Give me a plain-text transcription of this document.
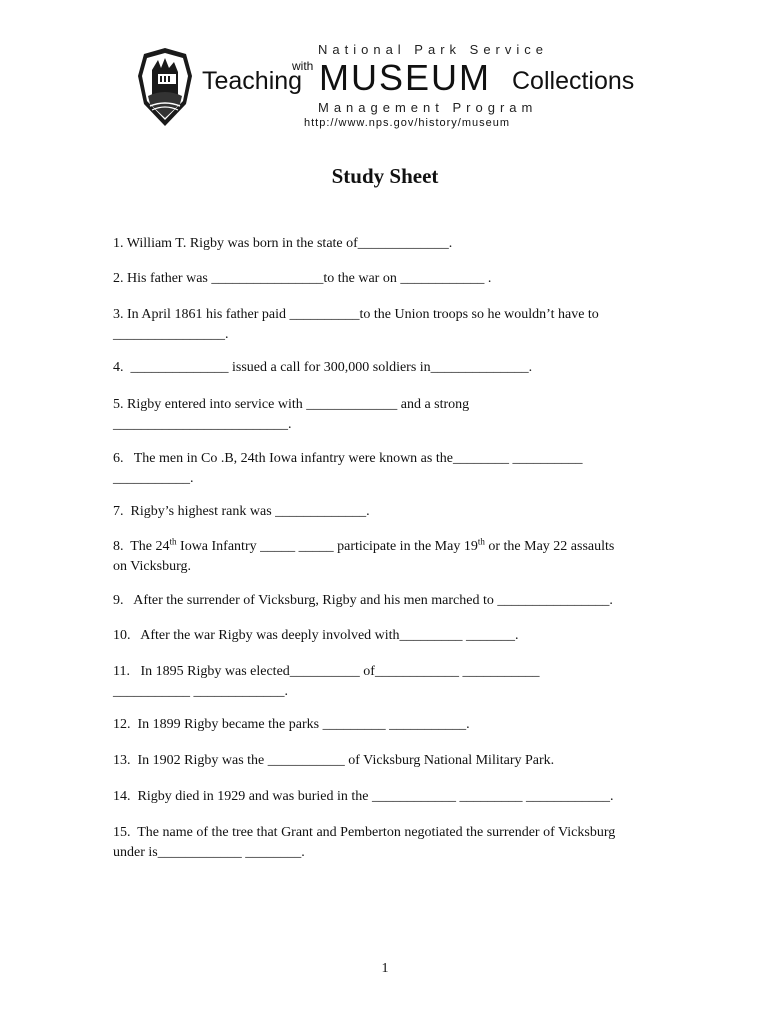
National Park Service
Teaching
with MUSEUM Collections
Management Program
http://www.nps.gov/history/museum
Study Sheet
1. William T. Rigby was born in the state of_____________.
2. His father was ________________to the war on ____________ .
3. In April 1861 his father paid __________to the Union troops so he wouldn’t have to
________________.
4.  ______________ issued a call for 300,000 soldiers in______________.
5. Rigby entered into service with _____________ and a strong
_________________________.
6.   The men in Co .B, 24th Iowa infantry were known as the________ __________
___________.
7.  Rigby’s highest rank was _____________.
8.  The 24th Iowa Infantry _____ _____ participate in the May 19th or the May 22 assaults
on Vicksburg.
9.   After the surrender of Vicksburg, Rigby and his men marched to ________________.
10.   After the war Rigby was deeply involved with_________ _______.
11.   In 1895 Rigby was elected__________ of____________ ___________
___________ _____________.
12.  In 1899 Rigby became the parks _________ ___________.
13.  In 1902 Rigby was the ___________ of Vicksburg National Military Park.
14.  Rigby died in 1929 and was buried in the ____________ _________ ____________.
15.  The name of the tree that Grant and Pemberton negotiated the surrender of Vicksburg
under is____________ ________.
1
